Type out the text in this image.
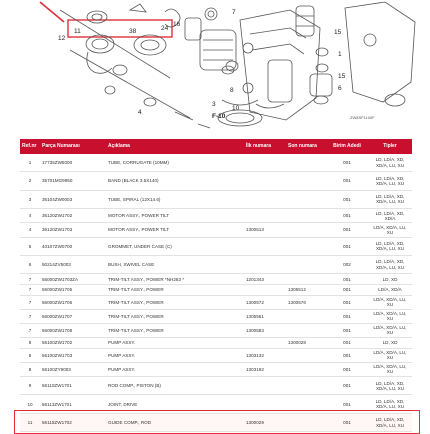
11	38	24
16
12
7
15
1
8
15
6
10
3
4
F-10	ZW8SF1100F
Ref.nr	Parça Numarası	Açıklama	İlk numara	Son numara	Birim Adedi	Tipler
1	17735ZW5000	TUBE, CORRUGATE (10MM)			001	LD, LD/A, XD, XD/A, LU, XU
2	35701MG9950	BAND (BLACK 3.5X140)			001	LD, LD/A, XD, XD/A, LU, XU
3	36104ZW0003	TUBE, SPIRAL (12X14.6)			001	LD, LD/A, XD, XD/A, LU, XU
4	36120ZW1702	MOTOR ASSY., POWER TILT			001	LD, LD/A, XD, XD/A
4	36120ZW1703	MOTOR ASSY., POWER TILT	1300513		001	LD/A, XD/A, LU, XU
5	40107ZW0700	GROMMET, UNDER CASE (C)			001	LD, LD/A, XD, XD/A, LU, XU
6	50214ZV5003	BUSH, SWIVEL CASE			002	LD, LD/A, XD, XD/A, LU, XU
7	56000ZW1703ZA	TRIM-TILT ASSY., POWER *NH283 *	1201343		001	LD, XD
7	56000ZW1705	TRIM-TILT ASSY., POWER		1305512	001	LD/A, XD/A
7	56000ZW1706	TRIM-TILT ASSY., POWER	1300572	1300576	001	LD/A, XD/A, LU, XU
7	56000ZW1707	TRIM-TILT ASSY., POWER	1305561		001	LD/A, XD/A, LU, XU
7	56000ZW1708	TRIM-TILT ASSY., POWER	1300583		001	LD/A, XD/A, LU, XU
8	56100ZW1702	PUMP ASSY.		1300028	001	LD, XD
8	56100ZW1703	PUMP ASSY.	1303132		001	LD/A, XD/A, LU, XU
8	56100ZY9003	PUMP ASSY.	1303192		001	LD/A, XD/A, LU, XU
9	56110ZW1701	ROD COMP., PISTON (B)			001	LD, LD/A, XD, XD/A, LU, XU
10	56113ZW1701	JOINT, DRIVE			001	LD, LD/A, XD, XD/A, LU, XU
11	56115ZW1702	GUIDE COMP., ROD	1300029		001	LD, LD/A, XD, XD/A, LU, XU
